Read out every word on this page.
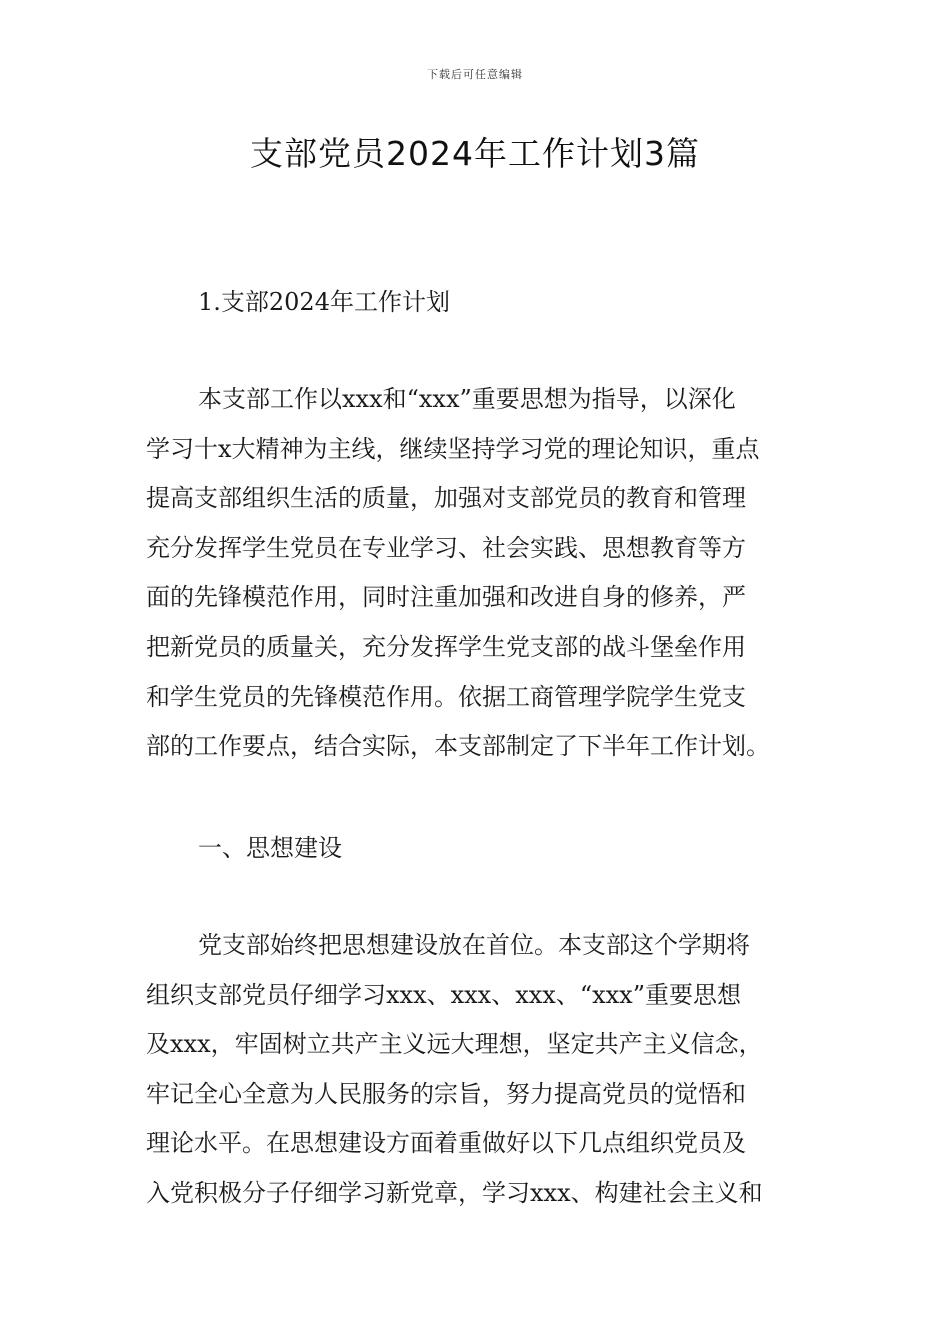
下载后可任意编辑
支部党员2024年工作计划3篇
1.支部2024年工作计划

本支部工作以xxx和“xxx”重要思想为指导，以深化
学习十x大精神为主线，继续坚持学习党的理论知识，重点
提高支部组织生活的质量，加强对支部党员的教育和管理
充分发挥学生党员在专业学习、社会实践、思想教育等方
面的先锋模范作用，同时注重加强和改进自身的修养，严
把新党员的质量关，充分发挥学生党支部的战斗堡垒作用
和学生党员的先锋模范作用。依据工商管理学院学生党支
部的工作要点，结合实际，本支部制定了下半年工作计划。

一、思想建设

党支部始终把思想建设放在首位。本支部这个学期将
组织支部党员仔细学习xxx、xxx、xxx、“xxx”重要思想
及xxx，牢固树立共产主义远大理想，坚定共产主义信念，
牢记全心全意为人民服务的宗旨，努力提高党员的觉悟和
理论水平。在思想建设方面着重做好以下几点组织党员及
入党积极分子仔细学习新党章，学习xxx、构建社会主义和
